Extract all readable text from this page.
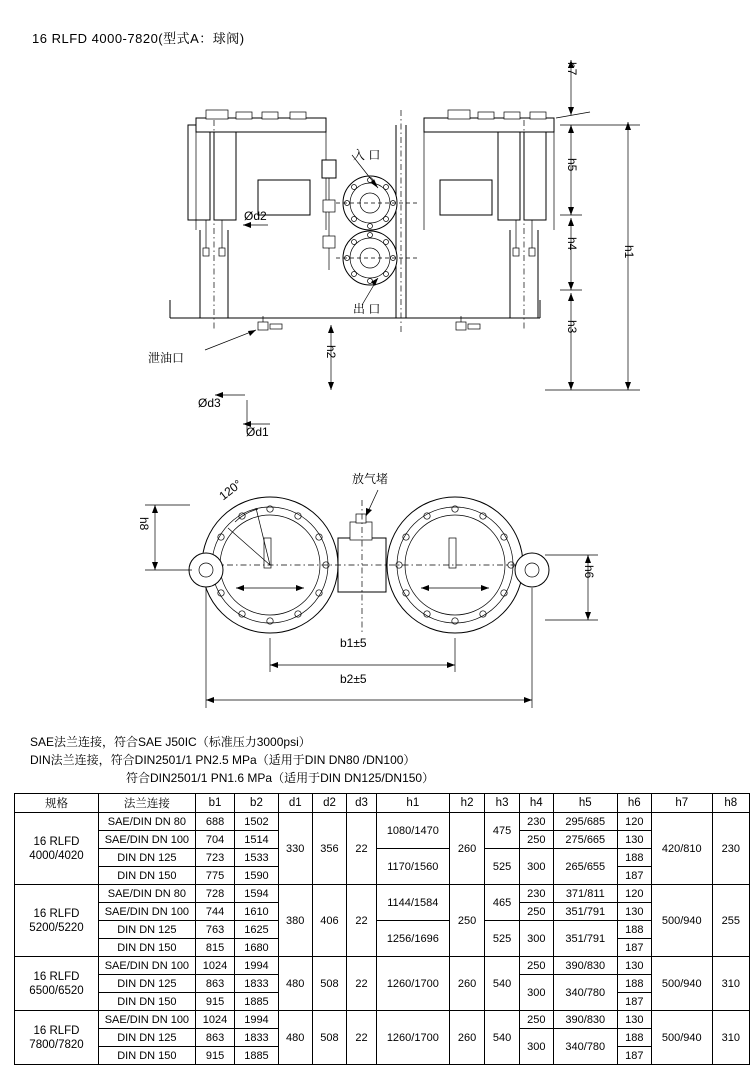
16 RLFD 4000-7820(型式A：球阀)
入 口
出 口
泄油口
Ød2
Ød3
Ød1
h1
h2
h3
h4
h5
h7
放气堵
120°
h8
h6
b1±5
b2±5
SAE法兰连接，符合SAE J50IC（标准压力3000psi）
DIN法兰连接，符合DIN2501/1 PN2.5 MPa（适用于DIN DN80 /DN100）
符合DIN2501/1 PN1.6 MPa（适用于DIN DN125/DN150）
规格	法兰连接	b1	b2	d1	d2	d3	h1	h2	h3	h4	h5	h6	h7	h8
16 RLFD 4000/4020	SAE/DIN DN 80	688	1502	330	356	22	1080/1470	260	475	230	295/685	120	420/810	230
	SAE/DIN DN 100	704	1514							250	275/665	130		
	DIN DN 125	723	1533				1170/1560		525	300	265/655	188		
	DIN DN 150	775	1590									187		
16 RLFD 5200/5220	SAE/DIN DN 80	728	1594	380	406	22	1144/1584	250	465	230	371/811	120	500/940	255
	SAE/DIN DN 100	744	1610							250	351/791	130		
	DIN DN 125	763	1625				1256/1696		525	300	351/791	188		
	DIN DN 150	815	1680									187		
16 RLFD 6500/6520	SAE/DIN DN 100	1024	1994	480	508	22	1260/1700	260	540	250	390/830	130	500/940	310
	DIN DN 125	863	1833							300	340/780	188		
	DIN DN 150	915	1885									187		
16 RLFD 7800/7820	SAE/DIN DN 100	1024	1994	480	508	22	1260/1700	260	540	250	390/830	130	500/940	310
	DIN DN 125	863	1833							300	340/780	188		
	DIN DN 150	915	1885									187		
